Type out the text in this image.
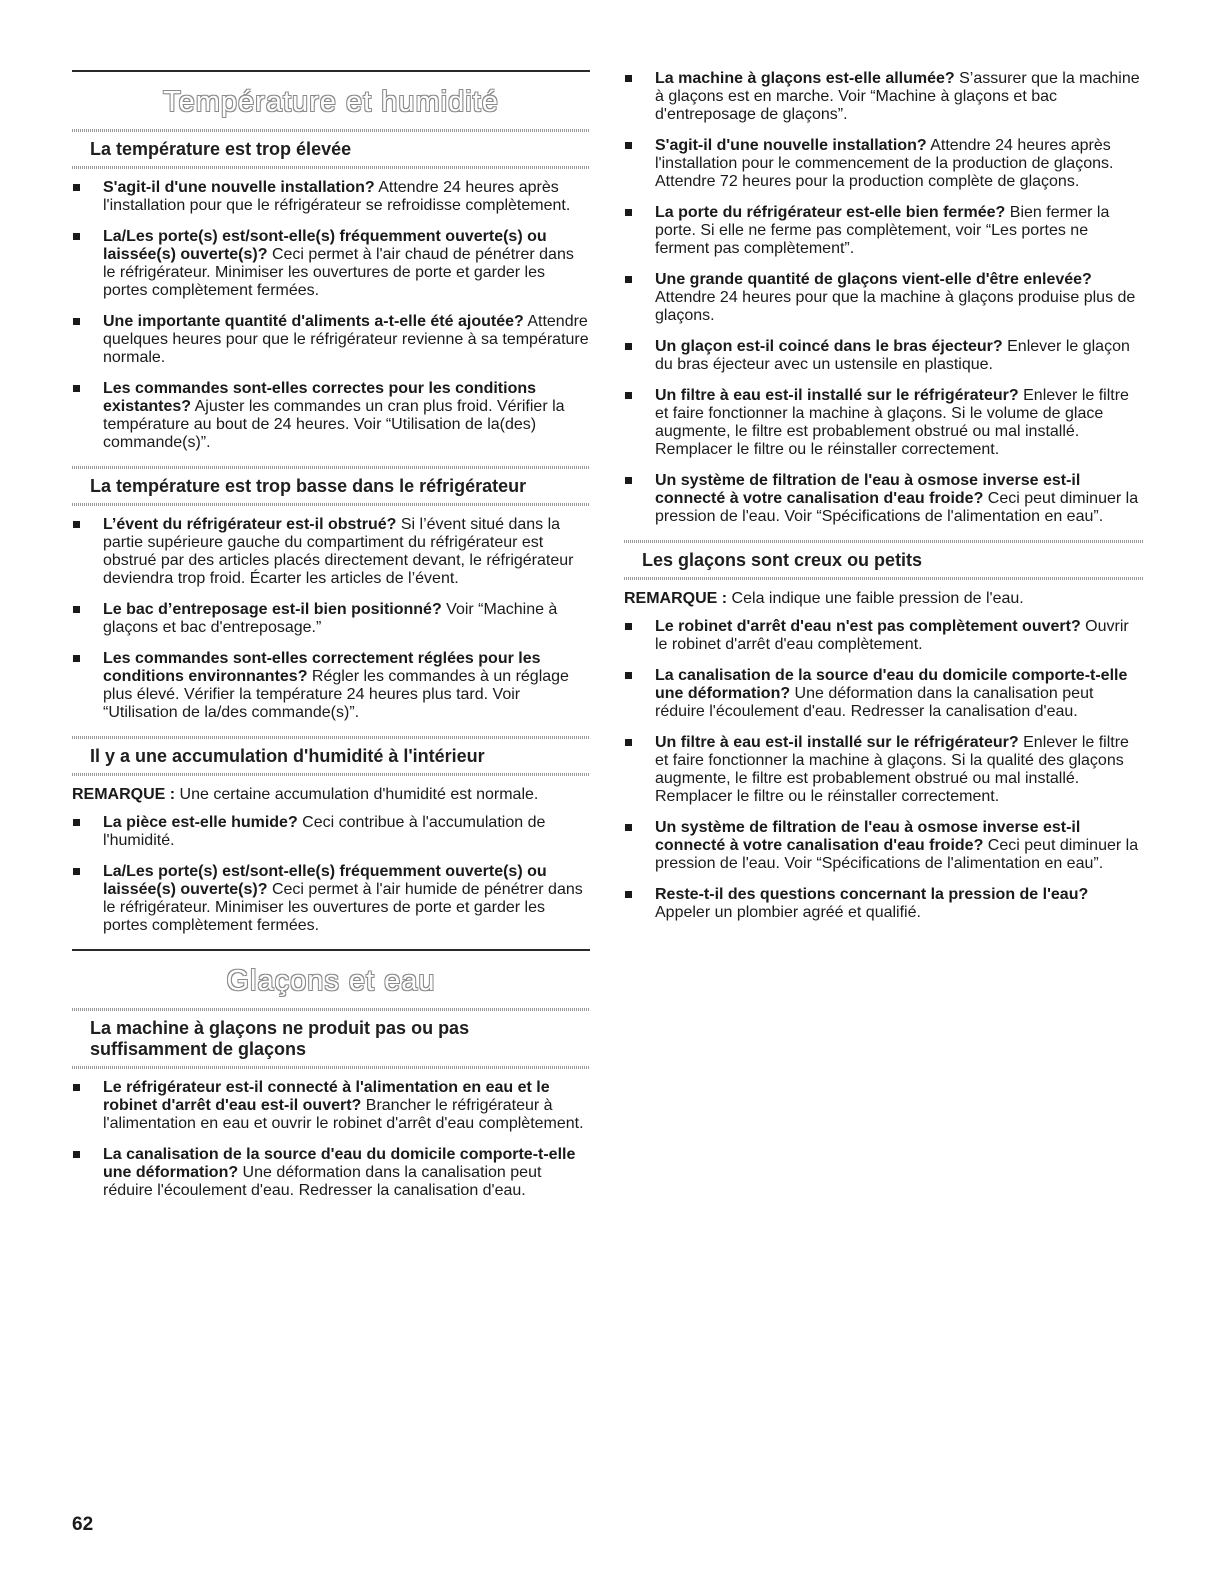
Température et humidité
La température est trop élevée
S'agit-il d'une nouvelle installation? Attendre 24 heures après l'installation pour que le réfrigérateur se refroidisse complètement.
La/Les porte(s) est/sont-elle(s) fréquemment ouverte(s) ou laissée(s) ouverte(s)? Ceci permet à l'air chaud de pénétrer dans le réfrigérateur. Minimiser les ouvertures de porte et garder les portes complètement fermées.
Une importante quantité d'aliments a-t-elle été ajoutée? Attendre quelques heures pour que le réfrigérateur revienne à sa température normale.
Les commandes sont-elles correctes pour les conditions existantes? Ajuster les commandes un cran plus froid. Vérifier la température au bout de 24 heures. Voir “Utilisation de la(des) commande(s)”.
La température est trop basse dans le réfrigérateur
L’évent du réfrigérateur est-il obstrué? Si l’évent situé dans la partie supérieure gauche du compartiment du réfrigérateur est obstrué par des articles placés directement devant, le réfrigérateur deviendra trop froid. Écarter les articles de l’évent.
Le bac d’entreposage est-il bien positionné? Voir “Machine à glaçons et bac d'entreposage.”
Les commandes sont-elles correctement réglées pour les conditions environnantes? Régler les commandes à un réglage plus élevé. Vérifier la température 24 heures plus tard. Voir “Utilisation de la/des commande(s)”.
Il y a une accumulation d'humidité à l'intérieur
REMARQUE : Une certaine accumulation d'humidité est normale.
La pièce est-elle humide? Ceci contribue à l'accumulation de l'humidité.
La/Les porte(s) est/sont-elle(s) fréquemment ouverte(s) ou laissée(s) ouverte(s)? Ceci permet à l'air humide de pénétrer dans le réfrigérateur. Minimiser les ouvertures de porte et garder les portes complètement fermées.
Glaçons et eau
La machine à glaçons ne produit pas ou pas suffisamment de glaçons
Le réfrigérateur est-il connecté à l'alimentation en eau et le robinet d'arrêt d'eau est-il ouvert? Brancher le réfrigérateur à l'alimentation en eau et ouvrir le robinet d'arrêt d'eau complètement.
La canalisation de la source d'eau du domicile comporte-t-elle une déformation? Une déformation dans la canalisation peut réduire l'écoulement d'eau. Redresser la canalisation d'eau.
La machine à glaçons est-elle allumée? S’assurer que la machine à glaçons est en marche. Voir “Machine à glaçons et bac d'entreposage de glaçons”.
S'agit-il d'une nouvelle installation? Attendre 24 heures après l'installation pour le commencement de la production de glaçons. Attendre 72 heures pour la production complète de glaçons.
La porte du réfrigérateur est-elle bien fermée? Bien fermer la porte. Si elle ne ferme pas complètement, voir “Les portes ne ferment pas complètement”.
Une grande quantité de glaçons vient-elle d'être enlevée? Attendre 24 heures pour que la machine à glaçons produise plus de glaçons.
Un glaçon est-il coincé dans le bras éjecteur? Enlever le glaçon du bras éjecteur avec un ustensile en plastique.
Un filtre à eau est-il installé sur le réfrigérateur? Enlever le filtre et faire fonctionner la machine à glaçons. Si le volume de glace augmente, le filtre est probablement obstrué ou mal installé. Remplacer le filtre ou le réinstaller correctement.
Un système de filtration de l'eau à osmose inverse est-il connecté à votre canalisation d'eau froide? Ceci peut diminuer la pression de l'eau. Voir “Spécifications de l'alimentation en eau”.
Les glaçons sont creux ou petits
REMARQUE : Cela indique une faible pression de l'eau.
Le robinet d'arrêt d'eau n'est pas complètement ouvert? Ouvrir le robinet d'arrêt d'eau complètement.
La canalisation de la source d'eau du domicile comporte-t-elle une déformation? Une déformation dans la canalisation peut réduire l'écoulement d'eau. Redresser la canalisation d'eau.
Un filtre à eau est-il installé sur le réfrigérateur? Enlever le filtre et faire fonctionner la machine à glaçons. Si la qualité des glaçons augmente, le filtre est probablement obstrué ou mal installé. Remplacer le filtre ou le réinstaller correctement.
Un système de filtration de l'eau à osmose inverse est-il connecté à votre canalisation d'eau froide? Ceci peut diminuer la pression de l'eau. Voir “Spécifications de l'alimentation en eau”.
Reste-t-il des questions concernant la pression de l'eau? Appeler un plombier agréé et qualifié.
62
